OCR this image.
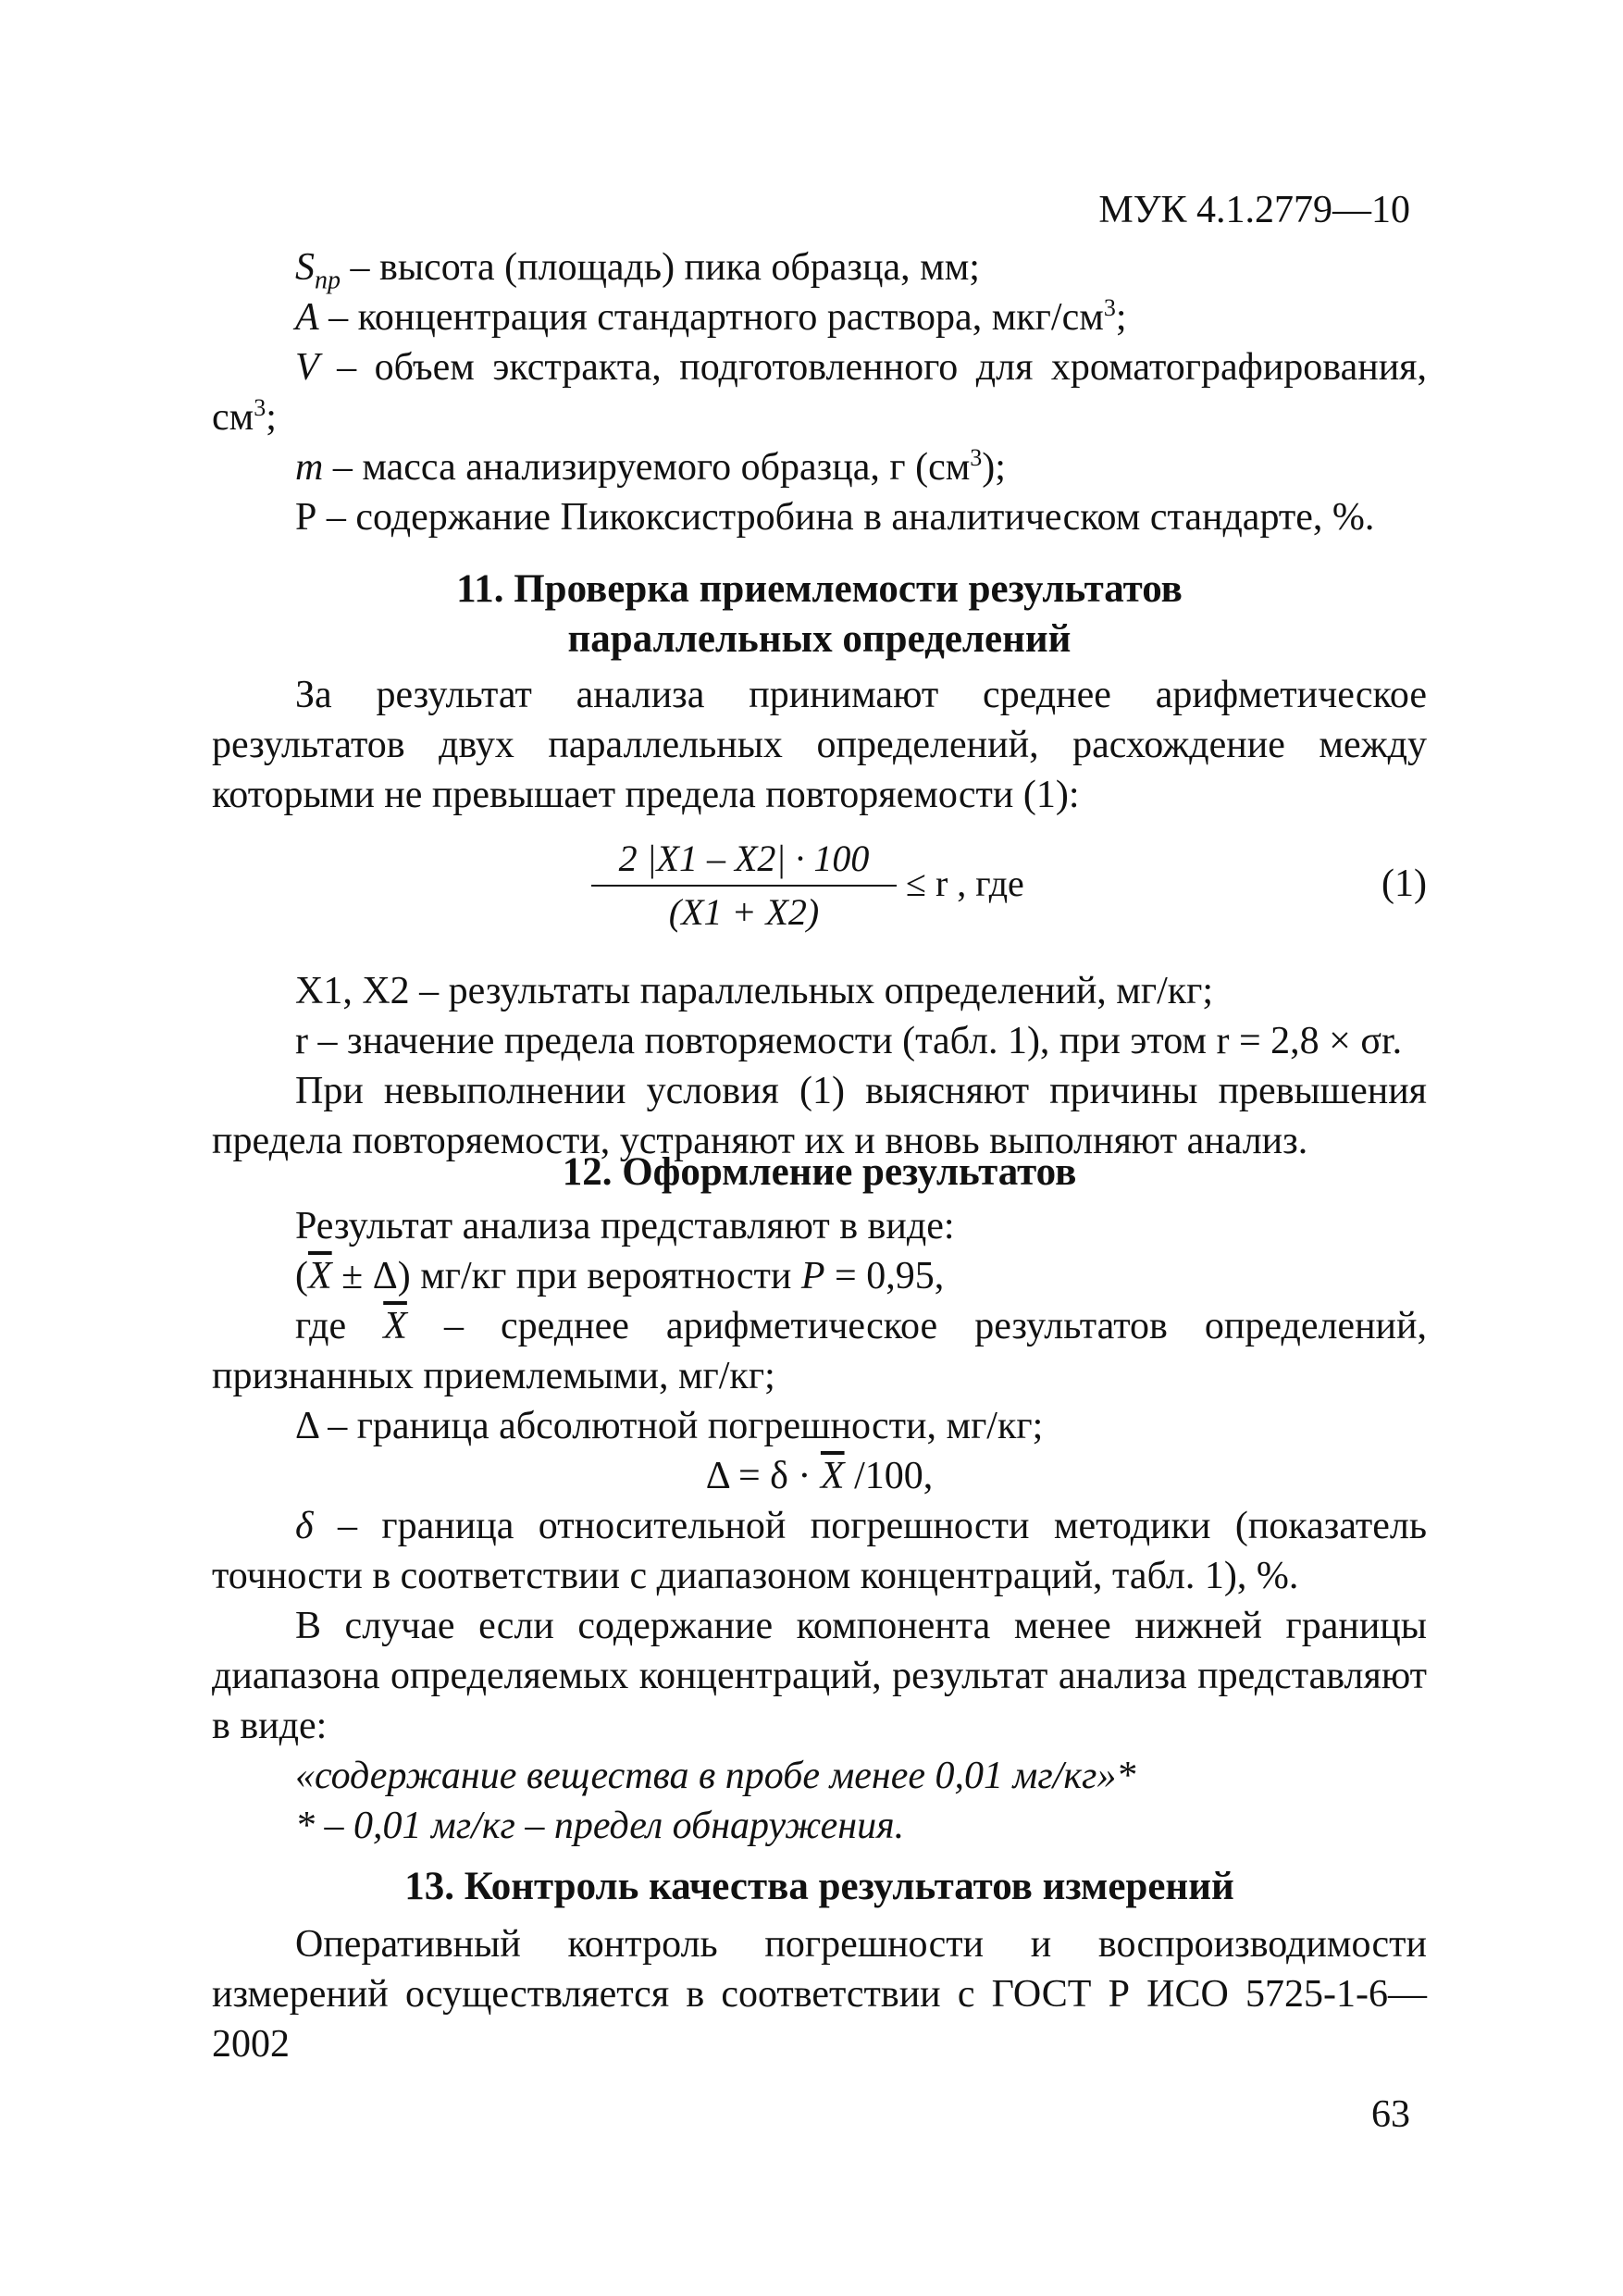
МУК 4.1.2779—10

$S_{пр}$ – высота (площадь) пика образца, мм;

A – концентрация стандартного раствора, мкг/$см^3$;

V – объем экстракта, подготовленного для хроматографирования, $см^3$;

m – масса анализируемого образца, г $(см^3)$;

Р – содержание Пикоксистробина в аналитическом стандарте, %.

11. Проверка приемлемости результатов

параллельных определений

За результат анализа принимают среднее арифметическое результатов двух параллельных определений, расхождение между которыми не превышает предела повторяемости (1):

2 |X1 – X2| · 100
(X1 + X2)
≤ r , где	(1)

X1, X2 – результаты параллельных определений, мг/кг;

r – значение предела повторяемости (табл. 1), при этом r = 2,8 × σr.

При невыполнении условия (1) выясняют причины превышения предела повторяемости, устраняют их и вновь выполняют анализ.

12. Оформление результатов

Результат анализа представляют в виде:

$(\overline{X} \pm \Delta)$ мг/кг при вероятности P = 0,95,

где $\overline{X}$ – среднее арифметическое результатов определений, признанных приемлемыми, мг/кг;

Δ – граница абсолютной погрешности, мг/кг;

$\Delta = \delta \cdot \overline{X}$ /100,

δ – граница относительной погрешности методики (показатель точности в соответствии с диапазоном концентраций, табл. 1), %.

В случае если содержание компонента менее нижней границы диапазона определяемых концентраций, результат анализа представляют в виде:

«содержание вещества в пробе менее 0,01 мг/кг»*

* – 0,01 мг/кг – предел обнаружения.

13. Контроль качества результатов измерений

Оперативный контроль погрешности и воспроизводимости измерений осуществляется в соответствии с ГОСТ Р ИСО 5725-1-6—2002

63
